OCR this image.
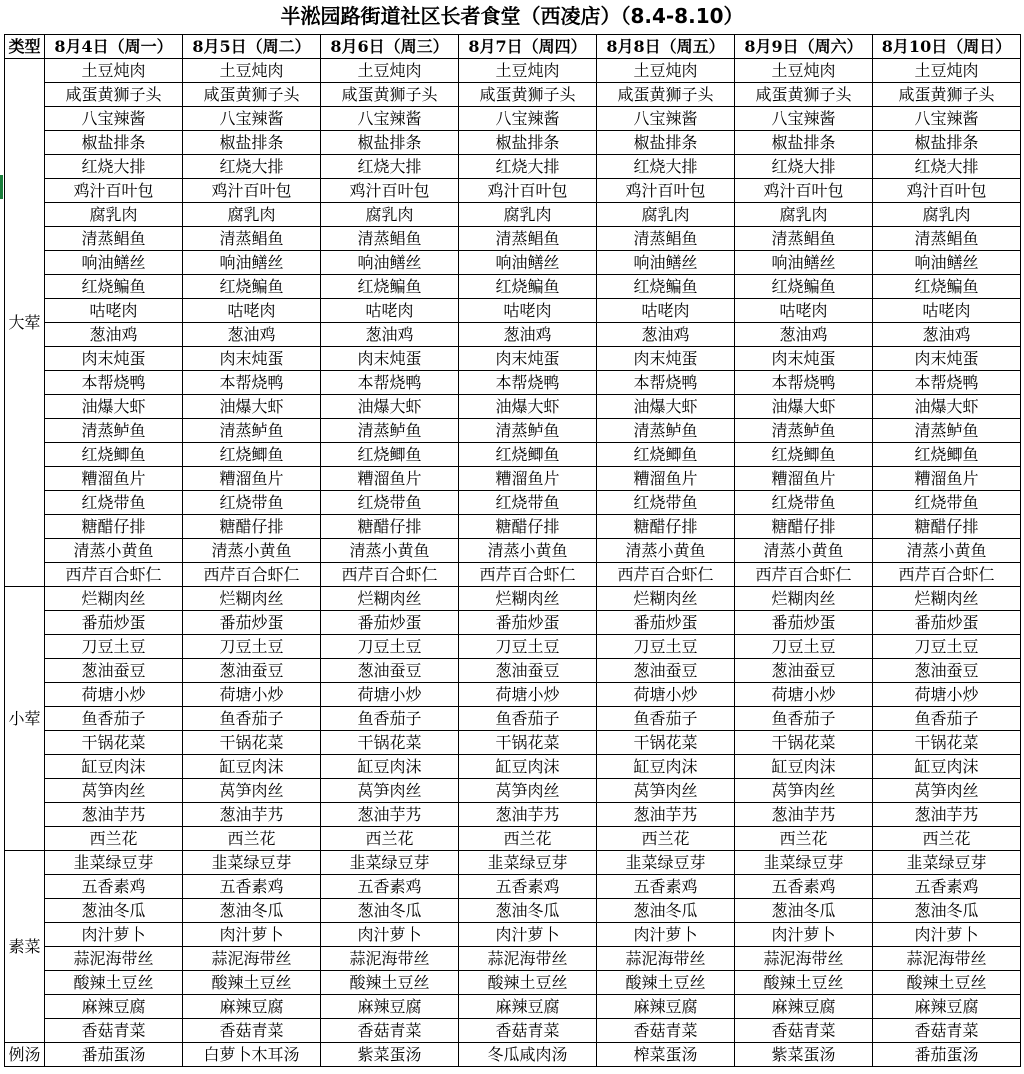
半淞园路街道社区长者食堂（西凌店）（8.4-8.10）
类型	8月4日（周一）	8月5日（周二）	8月6日（周三）	8月7日（周四）	8月8日（周五）	8月9日（周六）	8月10日（周日）
大荤	土豆炖肉	土豆炖肉	土豆炖肉	土豆炖肉	土豆炖肉	土豆炖肉	土豆炖肉
	咸蛋黄狮子头	咸蛋黄狮子头	咸蛋黄狮子头	咸蛋黄狮子头	咸蛋黄狮子头	咸蛋黄狮子头	咸蛋黄狮子头
	八宝辣酱	八宝辣酱	八宝辣酱	八宝辣酱	八宝辣酱	八宝辣酱	八宝辣酱
	椒盐排条	椒盐排条	椒盐排条	椒盐排条	椒盐排条	椒盐排条	椒盐排条
	红烧大排	红烧大排	红烧大排	红烧大排	红烧大排	红烧大排	红烧大排
	鸡汁百叶包	鸡汁百叶包	鸡汁百叶包	鸡汁百叶包	鸡汁百叶包	鸡汁百叶包	鸡汁百叶包
	腐乳肉	腐乳肉	腐乳肉	腐乳肉	腐乳肉	腐乳肉	腐乳肉
	清蒸鲳鱼	清蒸鲳鱼	清蒸鲳鱼	清蒸鲳鱼	清蒸鲳鱼	清蒸鲳鱼	清蒸鲳鱼
	响油鳝丝	响油鳝丝	响油鳝丝	响油鳝丝	响油鳝丝	响油鳝丝	响油鳝丝
	红烧鳊鱼	红烧鳊鱼	红烧鳊鱼	红烧鳊鱼	红烧鳊鱼	红烧鳊鱼	红烧鳊鱼
	咕咾肉	咕咾肉	咕咾肉	咕咾肉	咕咾肉	咕咾肉	咕咾肉
	葱油鸡	葱油鸡	葱油鸡	葱油鸡	葱油鸡	葱油鸡	葱油鸡
	肉末炖蛋	肉末炖蛋	肉末炖蛋	肉末炖蛋	肉末炖蛋	肉末炖蛋	肉末炖蛋
	本帮烧鸭	本帮烧鸭	本帮烧鸭	本帮烧鸭	本帮烧鸭	本帮烧鸭	本帮烧鸭
	油爆大虾	油爆大虾	油爆大虾	油爆大虾	油爆大虾	油爆大虾	油爆大虾
	清蒸鲈鱼	清蒸鲈鱼	清蒸鲈鱼	清蒸鲈鱼	清蒸鲈鱼	清蒸鲈鱼	清蒸鲈鱼
	红烧鲫鱼	红烧鲫鱼	红烧鲫鱼	红烧鲫鱼	红烧鲫鱼	红烧鲫鱼	红烧鲫鱼
	糟溜鱼片	糟溜鱼片	糟溜鱼片	糟溜鱼片	糟溜鱼片	糟溜鱼片	糟溜鱼片
	红烧带鱼	红烧带鱼	红烧带鱼	红烧带鱼	红烧带鱼	红烧带鱼	红烧带鱼
	糖醋仔排	糖醋仔排	糖醋仔排	糖醋仔排	糖醋仔排	糖醋仔排	糖醋仔排
	清蒸小黄鱼	清蒸小黄鱼	清蒸小黄鱼	清蒸小黄鱼	清蒸小黄鱼	清蒸小黄鱼	清蒸小黄鱼
	西芹百合虾仁	西芹百合虾仁	西芹百合虾仁	西芹百合虾仁	西芹百合虾仁	西芹百合虾仁	西芹百合虾仁
小荤	烂糊肉丝	烂糊肉丝	烂糊肉丝	烂糊肉丝	烂糊肉丝	烂糊肉丝	烂糊肉丝
	番茄炒蛋	番茄炒蛋	番茄炒蛋	番茄炒蛋	番茄炒蛋	番茄炒蛋	番茄炒蛋
	刀豆土豆	刀豆土豆	刀豆土豆	刀豆土豆	刀豆土豆	刀豆土豆	刀豆土豆
	葱油蚕豆	葱油蚕豆	葱油蚕豆	葱油蚕豆	葱油蚕豆	葱油蚕豆	葱油蚕豆
	荷塘小炒	荷塘小炒	荷塘小炒	荷塘小炒	荷塘小炒	荷塘小炒	荷塘小炒
	鱼香茄子	鱼香茄子	鱼香茄子	鱼香茄子	鱼香茄子	鱼香茄子	鱼香茄子
	干锅花菜	干锅花菜	干锅花菜	干锅花菜	干锅花菜	干锅花菜	干锅花菜
	缸豆肉沫	缸豆肉沫	缸豆肉沫	缸豆肉沫	缸豆肉沫	缸豆肉沫	缸豆肉沫
	莴笋肉丝	莴笋肉丝	莴笋肉丝	莴笋肉丝	莴笋肉丝	莴笋肉丝	莴笋肉丝
	葱油芋艿	葱油芋艿	葱油芋艿	葱油芋艿	葱油芋艿	葱油芋艿	葱油芋艿
	西兰花	西兰花	西兰花	西兰花	西兰花	西兰花	西兰花
素菜	韭菜绿豆芽	韭菜绿豆芽	韭菜绿豆芽	韭菜绿豆芽	韭菜绿豆芽	韭菜绿豆芽	韭菜绿豆芽
	五香素鸡	五香素鸡	五香素鸡	五香素鸡	五香素鸡	五香素鸡	五香素鸡
	葱油冬瓜	葱油冬瓜	葱油冬瓜	葱油冬瓜	葱油冬瓜	葱油冬瓜	葱油冬瓜
	肉汁萝卜	肉汁萝卜	肉汁萝卜	肉汁萝卜	肉汁萝卜	肉汁萝卜	肉汁萝卜
	蒜泥海带丝	蒜泥海带丝	蒜泥海带丝	蒜泥海带丝	蒜泥海带丝	蒜泥海带丝	蒜泥海带丝
	酸辣土豆丝	酸辣土豆丝	酸辣土豆丝	酸辣土豆丝	酸辣土豆丝	酸辣土豆丝	酸辣土豆丝
	麻辣豆腐	麻辣豆腐	麻辣豆腐	麻辣豆腐	麻辣豆腐	麻辣豆腐	麻辣豆腐
	香菇青菜	香菇青菜	香菇青菜	香菇青菜	香菇青菜	香菇青菜	香菇青菜
例汤	番茄蛋汤	白萝卜木耳汤	紫菜蛋汤	冬瓜咸肉汤	榨菜蛋汤	紫菜蛋汤	番茄蛋汤
